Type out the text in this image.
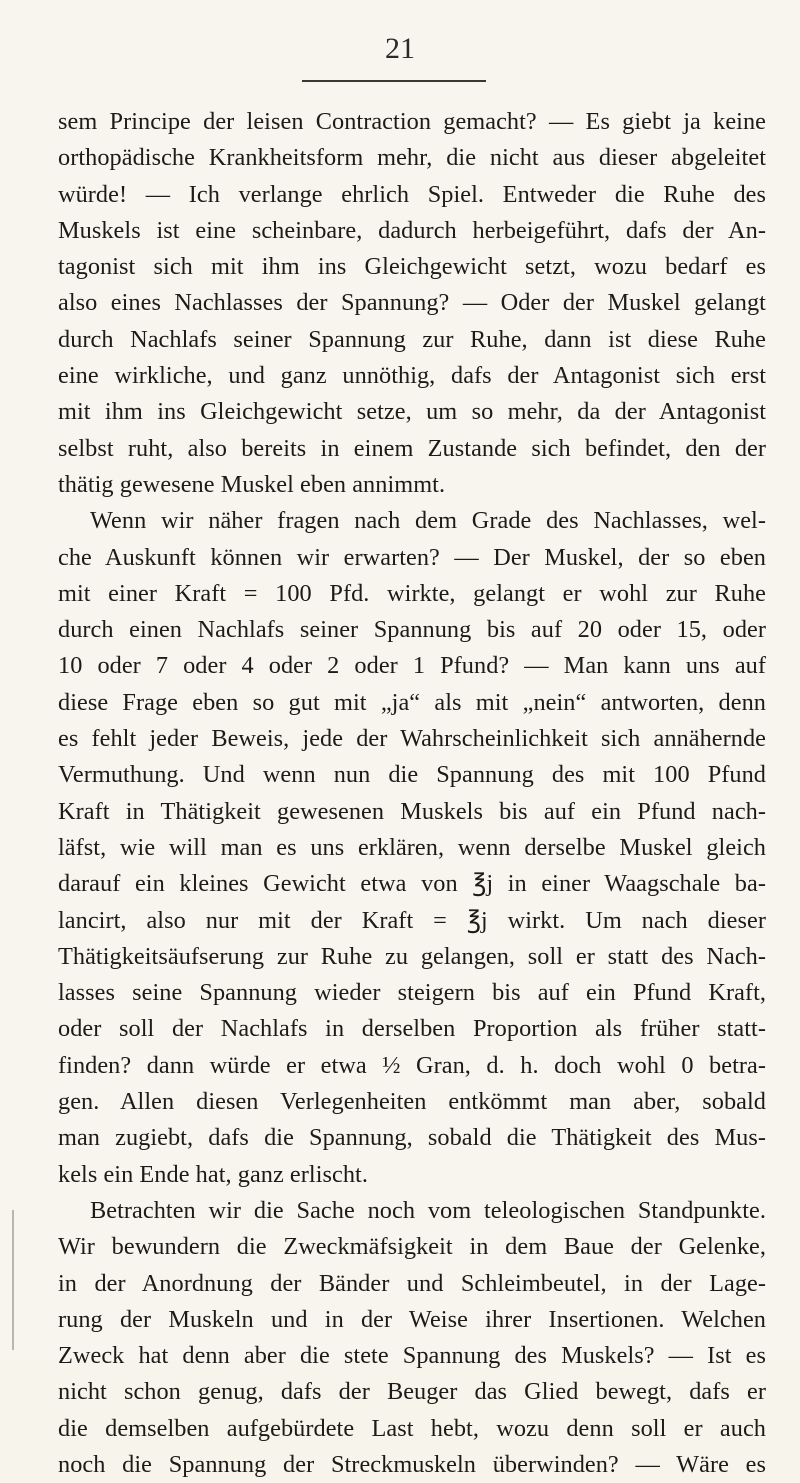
21
sem Principe der leisen Contraction gemacht? — Es giebt ja keine
orthopädische Krankheitsform mehr, die nicht aus dieser abgeleitet
würde! — Ich verlange ehrlich Spiel. Entweder die Ruhe des
Muskels ist eine scheinbare, dadurch herbeigeführt, dafs der An-
tagonist sich mit ihm ins Gleichgewicht setzt, wozu bedarf es
also eines Nachlasses der Spannung? — Oder der Muskel gelangt
durch Nachlafs seiner Spannung zur Ruhe, dann ist diese Ruhe
eine wirkliche, und ganz unnöthig, dafs der Antagonist sich erst
mit ihm ins Gleichgewicht setze, um so mehr, da der Antagonist
selbst ruht, also bereits in einem Zustande sich befindet, den der
thätig gewesene Muskel eben annimmt.
Wenn wir näher fragen nach dem Grade des Nachlasses, wel-
che Auskunft können wir erwarten? — Der Muskel, der so eben
mit einer Kraft = 100 Pfd. wirkte, gelangt er wohl zur Ruhe
durch einen Nachlafs seiner Spannung bis auf 20 oder 15, oder
10 oder 7 oder 4 oder 2 oder 1 Pfund? — Man kann uns auf
diese Frage eben so gut mit „ja“ als mit „nein“ antworten, denn
es fehlt jeder Beweis, jede der Wahrscheinlichkeit sich annähernde
Vermuthung. Und wenn nun die Spannung des mit 100 Pfund
Kraft in Thätigkeit gewesenen Muskels bis auf ein Pfund nach-
läfst, wie will man es uns erklären, wenn derselbe Muskel gleich
darauf ein kleines Gewicht etwa von ℥j in einer Waagschale ba-
lancirt, also nur mit der Kraft = ℥j wirkt. Um nach dieser
Thätigkeitsäufserung zur Ruhe zu gelangen, soll er statt des Nach-
lasses seine Spannung wieder steigern bis auf ein Pfund Kraft,
oder soll der Nachlafs in derselben Proportion als früher statt-
finden? dann würde er etwa ½ Gran, d. h. doch wohl 0 betra-
gen. Allen diesen Verlegenheiten entkömmt man aber, sobald
man zugiebt, dafs die Spannung, sobald die Thätigkeit des Mus-
kels ein Ende hat, ganz erlischt.
Betrachten wir die Sache noch vom teleologischen Standpunkte.
Wir bewundern die Zweckmäfsigkeit in dem Baue der Gelenke,
in der Anordnung der Bänder und Schleimbeutel, in der Lage-
rung der Muskeln und in der Weise ihrer Insertionen. Welchen
Zweck hat denn aber die stete Spannung des Muskels? — Ist es
nicht schon genug, dafs der Beuger das Glied bewegt, dafs er
die demselben aufgebürdete Last hebt, wozu denn soll er auch
noch die Spannung der Streckmuskeln überwinden? — Wäre es
